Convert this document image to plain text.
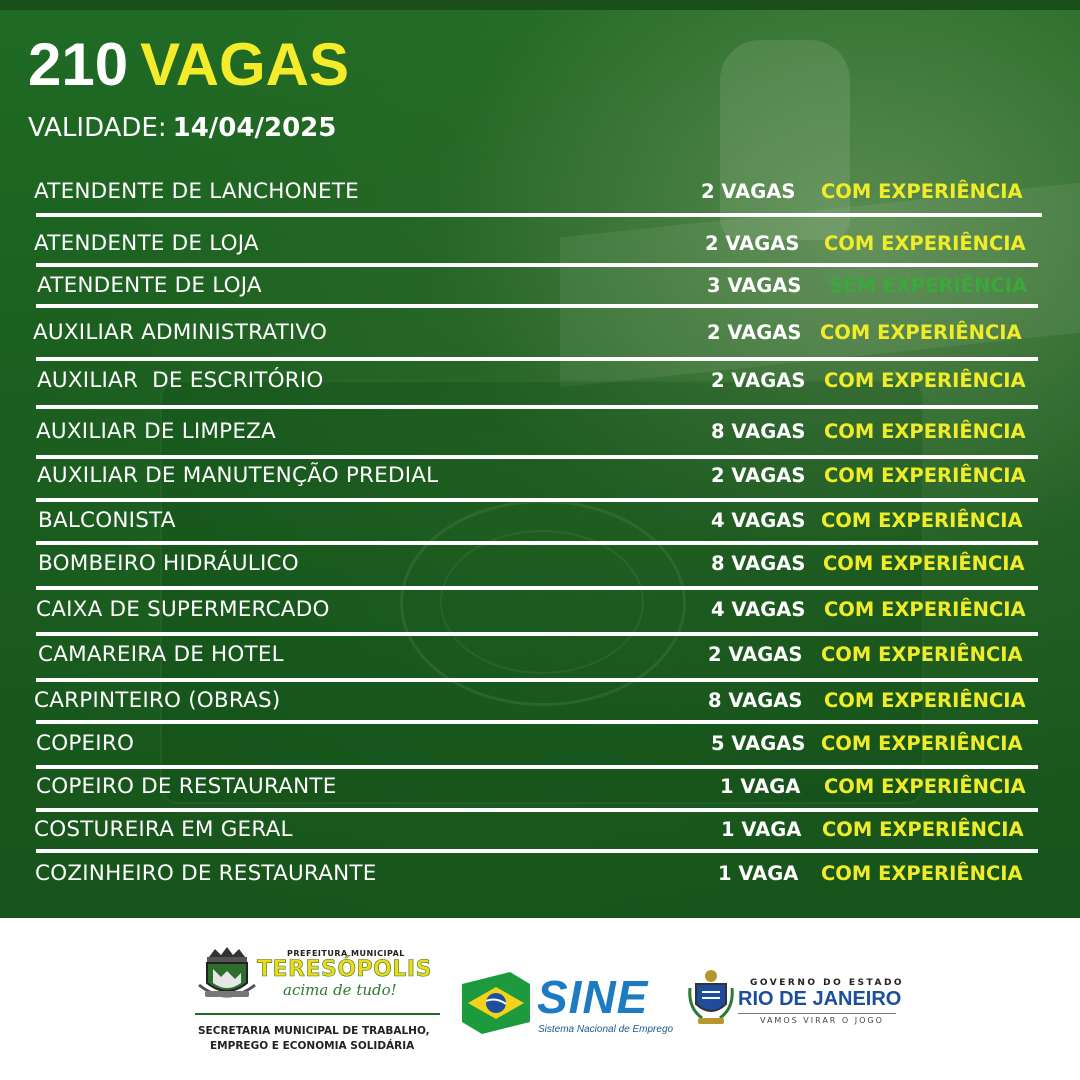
210 VAGAS
VALIDADE: 14/04/2025
ATENDENTE DE LANCHONETE	2 VAGAS COM EXPERIÊNCIA
ATENDENTE DE LOJA	2 VAGAS COM EXPERIÊNCIA
ATENDENTE DE LOJA	3 VAGAS SEM EXPERIÊNCIA
AUXILIAR ADMINISTRATIVO	2 VAGAS COM EXPERIÊNCIA
AUXILIAR  DE ESCRITÓRIO	2 VAGAS COM EXPERIÊNCIA
AUXILIAR DE LIMPEZA	8 VAGAS COM EXPERIÊNCIA
AUXILIAR DE MANUTENÇÃO PREDIAL	2 VAGAS COM EXPERIÊNCIA
BALCONISTA	4 VAGAS COM EXPERIÊNCIA
BOMBEIRO HIDRÁULICO	8 VAGAS COM EXPERIÊNCIA
CAIXA DE SUPERMERCADO	4 VAGAS COM EXPERIÊNCIA
CAMAREIRA DE HOTEL	2 VAGAS COM EXPERIÊNCIA
CARPINTEIRO (OBRAS)	8 VAGAS COM EXPERIÊNCIA
COPEIRO	5 VAGAS COM EXPERIÊNCIA
COPEIRO DE RESTAURANTE	1 VAGA COM EXPERIÊNCIA
COSTUREIRA EM GERAL	1 VAGA COM EXPERIÊNCIA
COZINHEIRO DE RESTAURANTE	1 VAGA COM EXPERIÊNCIA
PREFEITURA MUNICIPAL
TERESÓPOLIS
acima de tudo!
SECRETARIA MUNICIPAL DE TRABALHO,
EMPREGO E ECONOMIA SOLIDÁRIA
SINE
Sistema Nacional de Emprego
GOVERNO DO ESTADO
RIO DE JANEIRO
VAMOS VIRAR O JOGO
